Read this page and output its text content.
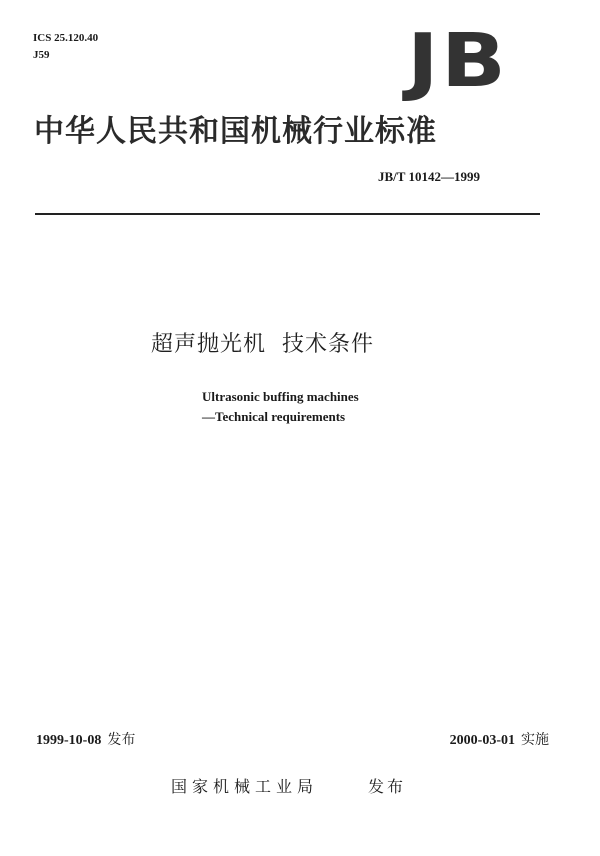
ICS 25.120.40
J59	JB
中华人民共和国机械行业标准
JB/T 10142—1999
超声抛光机  技术条件
Ultrasonic buffing machines
—Technical requirements
1999-10-08 发布	2000-03-01 实施
国家机械工业局	发布
